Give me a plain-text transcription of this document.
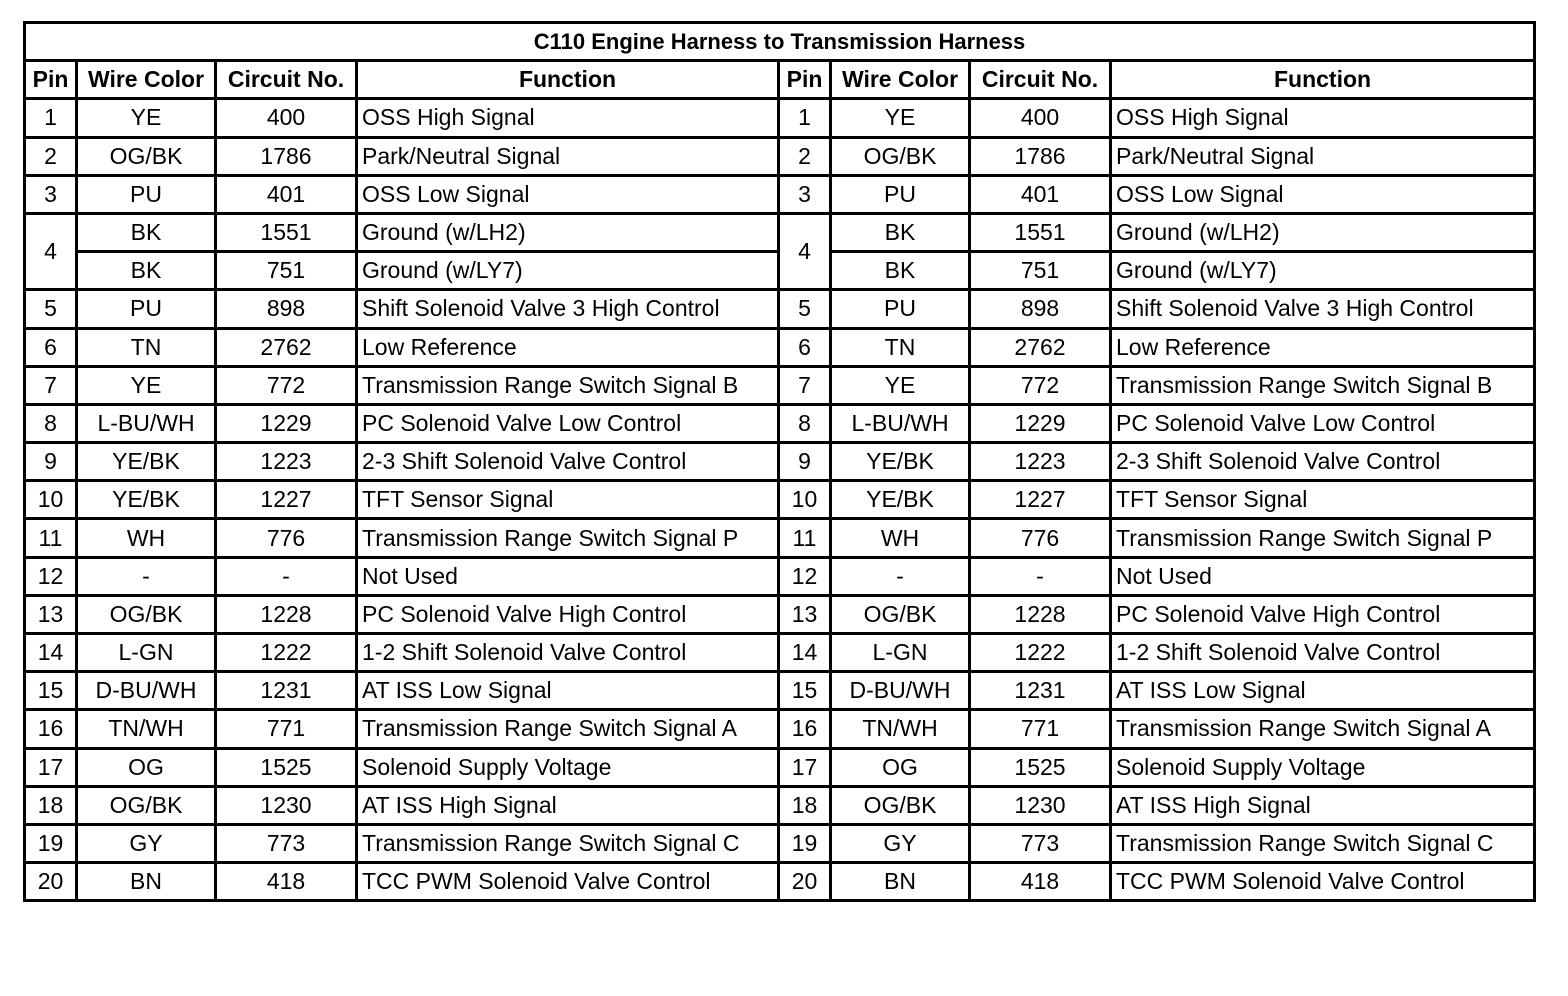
C110 Engine Harness to Transmission Harness							
Pin	Wire Color	Circuit No.	Function	Pin	Wire Color	Circuit No.	Function
1	YE	400	OSS High Signal	1	YE	400	OSS High Signal
2	OG/BK	1786	Park/Neutral Signal	2	OG/BK	1786	Park/Neutral Signal
3	PU	401	OSS Low Signal	3	PU	401	OSS Low Signal
4	BK	1551	Ground (w/LH2)	4	BK	1551	Ground (w/LH2)
	BK	751	Ground (w/LY7)		BK	751	Ground (w/LY7)
5	PU	898	Shift Solenoid Valve 3 High Control	5	PU	898	Shift Solenoid Valve 3 High Control
6	TN	2762	Low Reference	6	TN	2762	Low Reference
7	YE	772	Transmission Range Switch Signal B	7	YE	772	Transmission Range Switch Signal B
8	L-BU/WH	1229	PC Solenoid Valve Low Control	8	L-BU/WH	1229	PC Solenoid Valve Low Control
9	YE/BK	1223	2-3 Shift Solenoid Valve Control	9	YE/BK	1223	2-3 Shift Solenoid Valve Control
10	YE/BK	1227	TFT Sensor Signal	10	YE/BK	1227	TFT Sensor Signal
11	WH	776	Transmission Range Switch Signal P	11	WH	776	Transmission Range Switch Signal P
12	-	-	Not Used	12	-	-	Not Used
13	OG/BK	1228	PC Solenoid Valve High Control	13	OG/BK	1228	PC Solenoid Valve High Control
14	L-GN	1222	1-2 Shift Solenoid Valve Control	14	L-GN	1222	1-2 Shift Solenoid Valve Control
15	D-BU/WH	1231	AT ISS Low Signal	15	D-BU/WH	1231	AT ISS Low Signal
16	TN/WH	771	Transmission Range Switch Signal A	16	TN/WH	771	Transmission Range Switch Signal A
17	OG	1525	Solenoid Supply Voltage	17	OG	1525	Solenoid Supply Voltage
18	OG/BK	1230	AT ISS High Signal	18	OG/BK	1230	AT ISS High Signal
19	GY	773	Transmission Range Switch Signal C	19	GY	773	Transmission Range Switch Signal C
20	BN	418	TCC PWM Solenoid Valve Control	20	BN	418	TCC PWM Solenoid Valve Control
